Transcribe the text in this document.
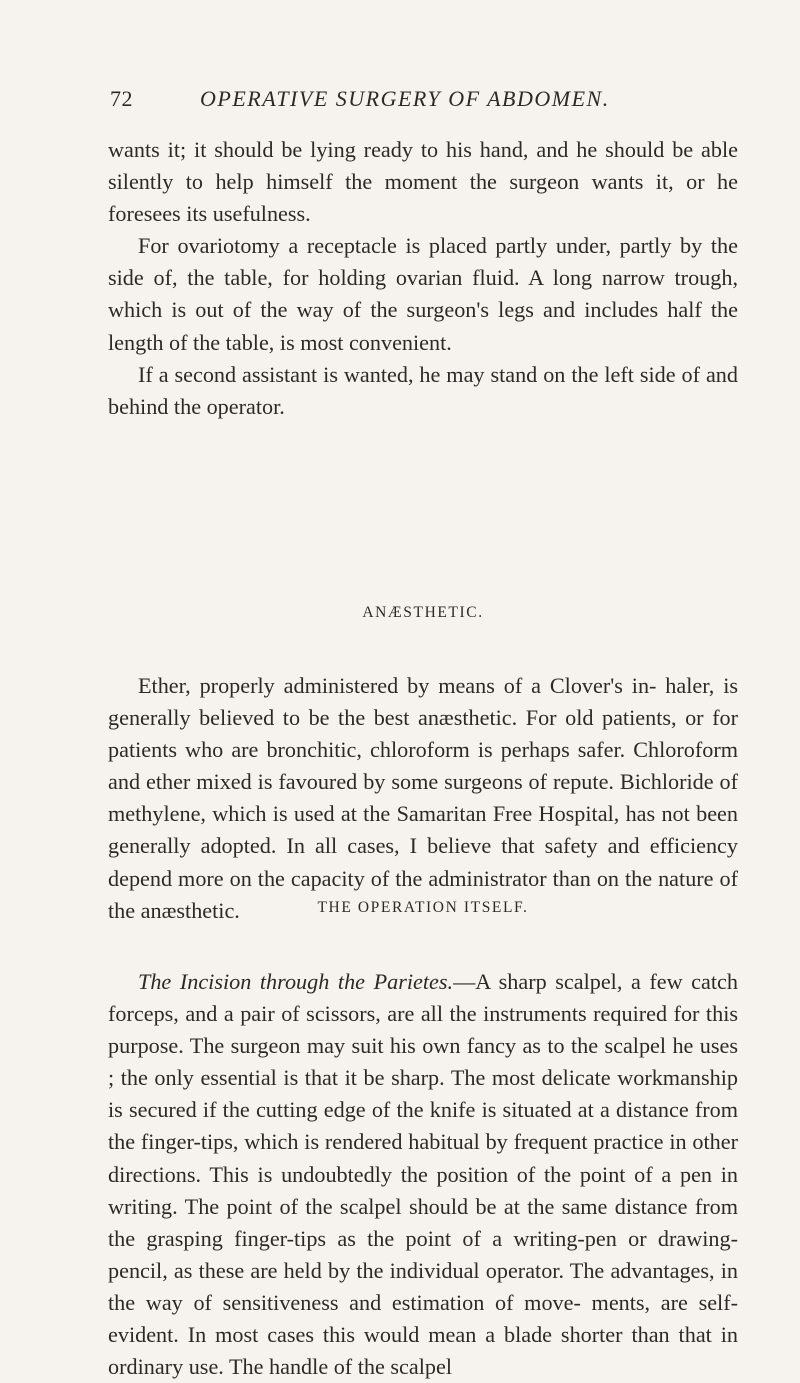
72	OPERATIVE SURGERY OF ABDOMEN.

wants it; it should be lying ready to his hand, and he should be able silently to help himself the moment the surgeon wants it, or he foresees its usefulness.

For ovariotomy a receptacle is placed partly under, partly by the side of, the table, for holding ovarian fluid. A long narrow trough, which is out of the way of the surgeon's legs and includes half the length of the table, is most convenient.

If a second assistant is wanted, he may stand on the left side of and behind the operator.

ANÆSTHETIC.

Ether, properly administered by means of a Clover's in- haler, is generally believed to be the best anæsthetic. For old patients, or for patients who are bronchitic, chloroform is perhaps safer. Chloroform and ether mixed is favoured by some surgeons of repute. Bichloride of methylene, which is used at the Samaritan Free Hospital, has not been generally adopted. In all cases, I believe that safety and efficiency depend more on the capacity of the administrator than on the nature of the anæsthetic.	THE OPERATION ITSELF.

The Incision through the Parietes.—A sharp scalpel, a few catch forceps, and a pair of scissors, are all the instruments required for this purpose. The surgeon may suit his own fancy as to the scalpel he uses ; the only essential is that it be sharp. The most delicate workmanship is secured if the cutting edge of the knife is situated at a distance from the finger-tips, which is rendered habitual by frequent practice in other directions. This is undoubtedly the position of the point of a pen in writing. The point of the scalpel should be at the same distance from the grasping finger-tips as the point of a writing-pen or drawing- pencil, as these are held by the individual operator. The advantages, in the way of sensitiveness and estimation of move- ments, are self-evident. In most cases this would mean a blade shorter than that in ordinary use. The handle of the scalpel
